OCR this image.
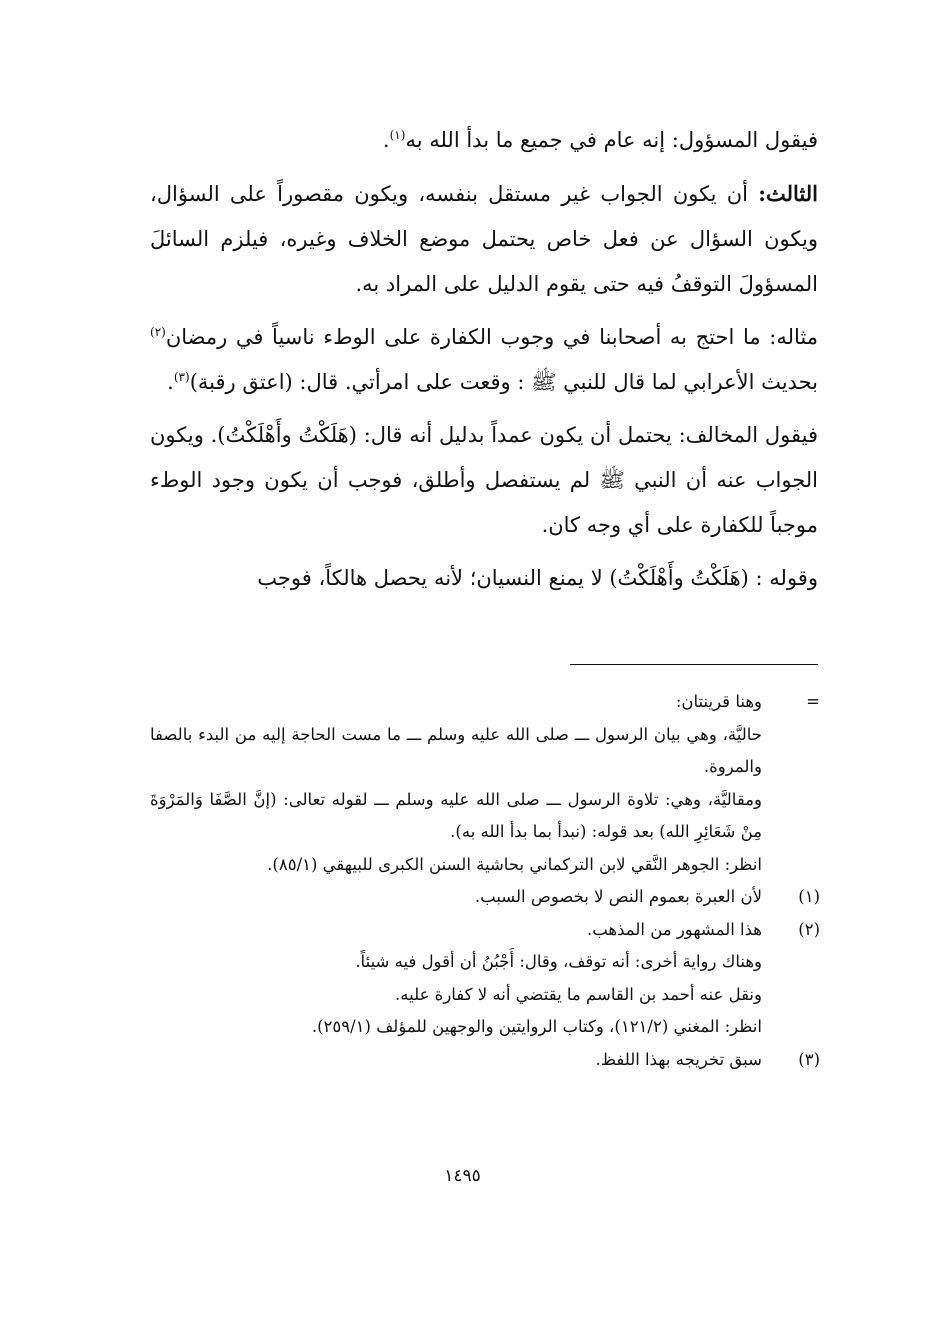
فيقول المسؤول: إنه عام في جميع ما بدأ الله به$^{(١)}$.

الثالث: أن يكون الجواب غير مستقل بنفسه، ويكون مقصوراً على السؤال، ويكون السؤال عن فعل خاص يحتمل موضع الخلاف وغيره، فيلزم السائلَ المسؤولَ التوقفُ فيه حتى يقوم الدليل على المراد به.

مثاله: ما احتج به أصحابنا في وجوب الكفارة على الوطء ناسياً في رمضان$^{(٢)}$ بحديث الأعرابي لما قال للنبي ﷺ : وقعت على امرأتي. قال: (اعتق رقبة)$^{(٣)}$.

فيقول المخالف: يحتمل أن يكون عمداً بدليل أنه قال: (هَلَكْتُ وأَهْلَكْتُ). ويكون الجواب عنه أن النبي ﷺ لم يستفصل وأطلق، فوجب أن يكون وجود الوطء موجباً للكفارة على أي وجه كان.

وقوله : (هَلَكْتُ وأَهْلَكْتُ) لا يمنع النسيان؛ لأنه يحصل هالكاً، فوجب

=
وهنا قرينتان:
حاليَّة، وهي بيان الرسول ـــ صلى الله عليه وسلم ـــ ما مست الحاجة إليه من البدء بالصفا والمروة.
ومقاليَّة، وهي: تلاوة الرسول ـــ صلى الله عليه وسلم ـــ لقوله تعالى: (إنَّ الصَّفَا وَالمَرْوَةَ مِنْ شَعَائِرِ الله) بعد قوله: (نبدأ بما بدأ الله به).
انظر: الجوهر النَّقي لابن التركماني بحاشية السنن الكبرى للبيهقي (٨٥/١).
(١)
لأن العبرة بعموم النص لا بخصوص السبب.
(٢)
هذا المشهور من المذهب.
وهناك رواية أخرى: أنه توقف، وقال: أَجْبُنُ أن أقول فيه شيئاً.
ونقل عنه أحمد بن القاسم ما يقتضي أنه لا كفارة عليه.
انظر: المغني (١٢١/٢)، وكتاب الروايتين والوجهين للمؤلف (٢٥٩/١).
(٣)
سبق تخريجه بهذا اللفظ.
١٤٩٥
